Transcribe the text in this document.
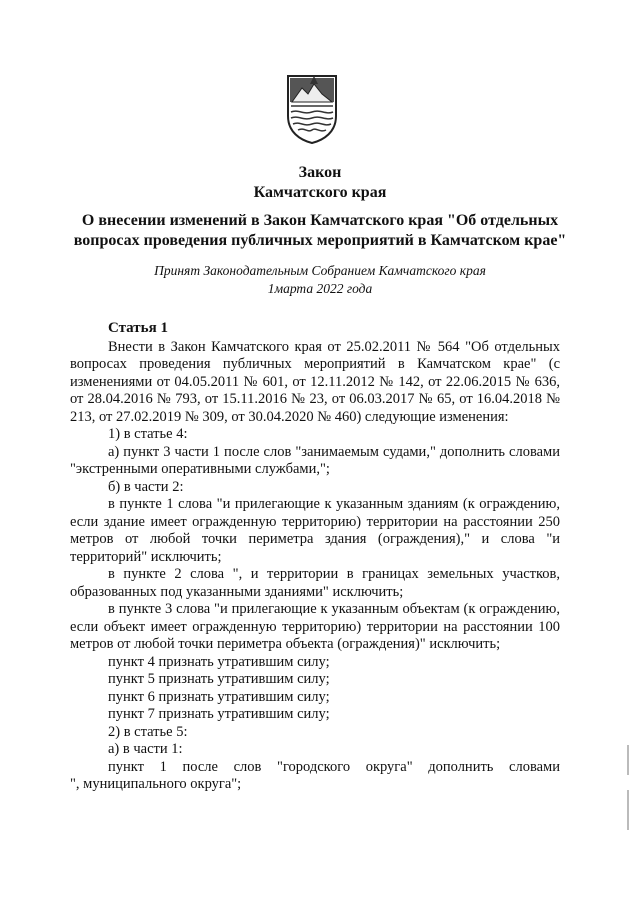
Закон
Камчатского края
О внесении изменений в Закон Камчатского края "Об отдельных вопросах проведения публичных мероприятий в Камчатском крае"
Принят Законодательным Собранием Камчатского края
1марта 2022 года
Статья 1

Внести в Закон Камчатского края от 25.02.2011 № 564 "Об отдельных вопросах проведения публичных мероприятий в Камчатском крае" (с изменениями от 04.05.2011 № 601, от 12.11.2012 № 142, от 22.06.2015 № 636, от 28.04.2016 № 793, от 15.11.2016 № 23, от 06.03.2017 № 65, от 16.04.2018 № 213, от 27.02.2019 № 309, от 30.04.2020 № 460) следующие изменения:

1) в статье 4:

а) пункт 3 части 1 после слов "занимаемым судами," дополнить словами "экстренными оперативными службами,";

б) в части 2:

в пункте 1 слова "и прилегающие к указанным зданиям (к ограждению, если здание имеет огражденную территорию) территории на расстоянии 250 метров от любой точки периметра здания (ограждения)," и слова "и территорий" исключить;

в пункте 2 слова ", и территории в границах земельных участков, образованных под указанными зданиями" исключить;

в пункте 3 слова "и прилегающие к указанным объектам (к ограждению, если объект имеет огражденную территорию) территории на расстоянии 100 метров от любой точки периметра объекта (ограждения)" исключить;

пункт 4 признать утратившим силу;

пункт 5 признать утратившим силу;

пункт 6 признать утратившим силу;

пункт 7 признать утратившим силу;

2) в статье 5:

а) в части 1:

пункт 1 после слов "городского округа" дополнить словами

", муниципального округа";
